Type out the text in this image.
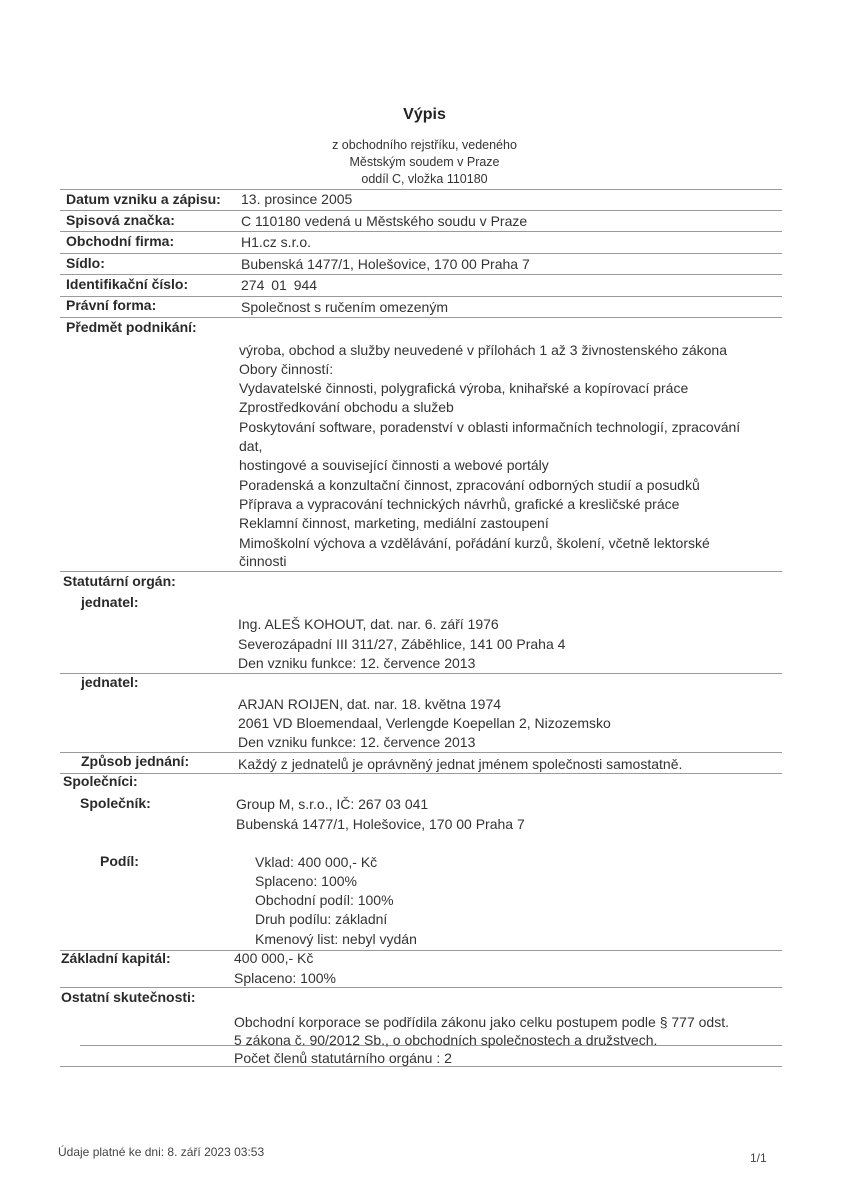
Výpis
z obchodního rejstříku, vedeného
Městským soudem v Praze
oddíl C, vložka 110180
Datum vzniku a zápisu: 13. prosince 2005
Spisová značka:	C 110180 vedená u Městského soudu v Praze
Obchodní firma:	H1.cz s.r.o.
Sídlo:	Bubenská 1477/1, Holešovice, 170 00 Praha 7
Identifikační číslo:	274 01 944
Právní forma:	Společnost s ručením omezeným
Předmět podnikání:
výroba, obchod a služby neuvedené v přílohách 1 až 3 živnostenského zákona
Obory činností:
Vydavatelské činnosti, polygrafická výroba, knihařské a kopírovací práce
Zprostředkování obchodu a služeb
Poskytování software, poradenství v oblasti informačních technologií, zpracování
dat,
hostingové a související činnosti a webové portály
Poradenská a konzultační činnost, zpracování odborných studií a posudků
Příprava a vypracování technických návrhů, grafické a kresličské práce
Reklamní činnost, marketing, mediální zastoupení
Mimoškolní výchova a vzdělávání, pořádání kurzů, školení, včetně lektorské
činnosti
Statutární orgán:
jednatel:
Ing. ALEŠ KOHOUT, dat. nar. 6. září 1976
Severozápadní III 311/27, Záběhlice, 141 00 Praha 4
Den vzniku funkce: 12. července 2013
jednatel:
ARJAN ROIJEN, dat. nar. 18. května 1974
2061 VD Bloemendaal, Verlengde Koepellan 2, Nizozemsko
Den vzniku funkce: 12. července 2013
Způsob jednání:	Každý z jednatelů je oprávněný jednat jménem společnosti samostatně.
Společníci:
Společník:	Group M, s.r.o., IČ: 267 03 041
Bubenská 1477/1, Holešovice, 170 00 Praha 7
Podíl:	Vklad: 400 000,- Kč
Splaceno: 100%
Obchodní podíl: 100%
Druh podílu: základní
Kmenový list: nebyl vydán
Základní kapitál:	400 000,- Kč
Splaceno: 100%
Ostatní skutečnosti:
Obchodní korporace se podřídila zákonu jako celku postupem podle § 777 odst.
5 zákona č. 90/2012 Sb., o obchodních společnostech a družstvech.
Počet členů statutárního orgánu : 2
Údaje platné ke dni: 8. září 2023 03:53	1/1
